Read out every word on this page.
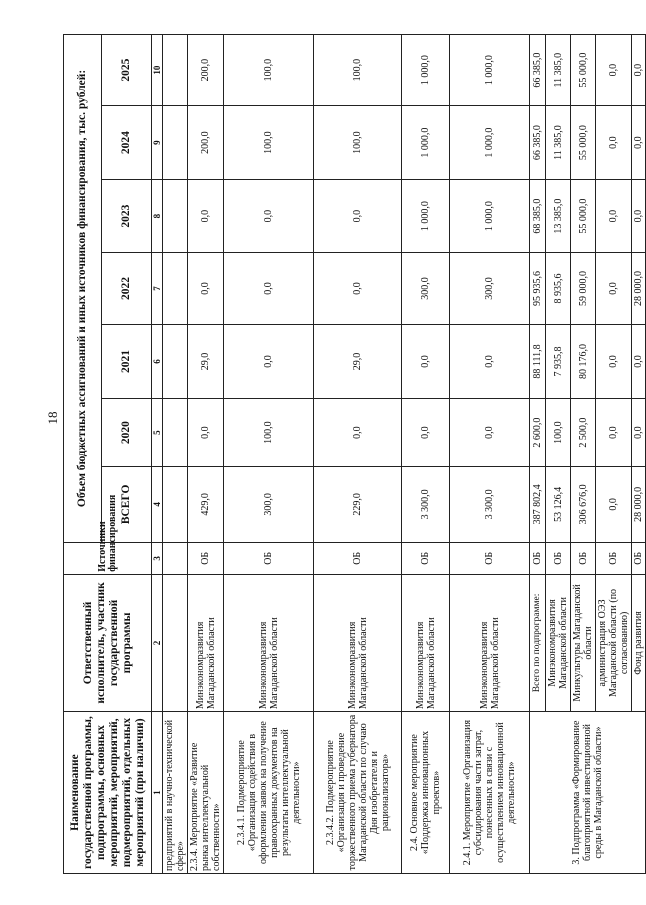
18
Наименование государственной программы, подпрограммы, основных мероприятий, мероприятий, подмероприятий, отдельных мероприятий (при наличии)	Ответственный исполнитель, участник государственной программы	Источники финансирования	Объем бюджетных ассигнований и иных источников финансирования, тыс. рублей:						
			ВСЕГО	2020	2021	2022	2023	2024	2025
1	2	3	4	5	6	7	8	9	10
предприятий в научно-технической сфере»									
2.3.4. Мероприятие «Развитие рынка интеллектуальной собственности»	Минэкономразвития Магаданской области	ОБ	429,0	0,0	29,0	0,0	0,0	200,0	200,0
2.3.4.1. Подмероприятие «Организация содействия в оформлении заявок на получение правоохранных документов на результаты интеллектуальной деятельности»	Минэкономразвития Магаданской области	ОБ	300,0	100,0	0,0	0,0	0,0	100,0	100,0
2.3.4.2. Подмероприятие «Организация и проведение торжественного приема губернатора Магаданской области по случаю Дня изобретателя и рационализатора»	Минэкономразвития Магаданской области	ОБ	229,0	0,0	29,0	0,0	0,0	100,0	100,0
2.4. Основное мероприятие «Поддержка инновационных проектов»	Минэкономразвития Магаданской области	ОБ	3 300,0	0,0	0,0	300,0	1 000,0	1 000,0	1 000,0
2.4.1. Мероприятие «Организация субсидирования части затрат, понесенных в связи с осуществлением инновационной деятельности»	Минэкономразвития Магаданской области	ОБ	3 300,0	0,0	0,0	300,0	1 000,0	1 000,0	1 000,0
3. Подпрограмма «Формирование благоприятной инвестиционной среды в Магаданской области»	Всего по подпрограмме:	ОБ	387 802,4	2 600,0	88 111,8	95 935,6	68 385,0	66 385,0	66 385,0
	Минэкономразвития Магаданской области	ОБ	53 126,4	100,0	7 935,8	8 935,6	13 385,0	11 385,0	11 385,0
	Минкультуры Магаданской области	ОБ	306 676,0	2 500,0	80 176,0	59 000,0	55 000,0	55 000,0	55 000,0
	администрация ОЭЗ Магаданской области (по согласованию)	ОБ	0,0	0,0	0,0	0,0	0,0	0,0	0,0
	Фонд развития	ОБ	28 000,0	0,0	0,0	28 000,0	0,0	0,0	0,0
